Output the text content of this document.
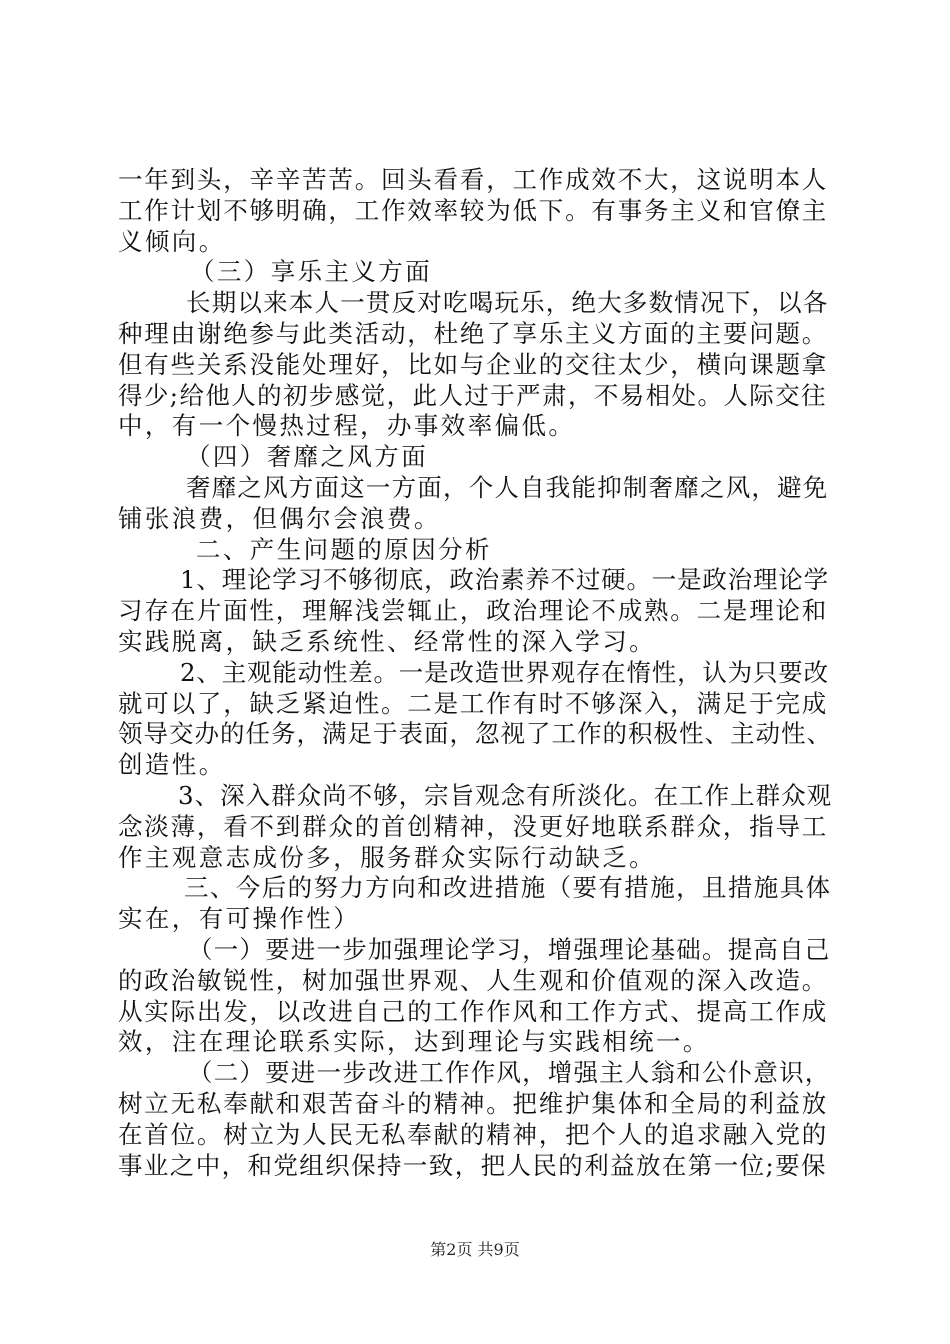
一年到头，辛辛苦苦。回头看看，工作成效不大，这说明本人
工作计划不够明确，工作效率较为低下。有事务主义和官僚主
义倾向。
（三）享乐主义方面
长期以来本人一贯反对吃喝玩乐，绝大多数情况下，以各
种理由谢绝参与此类活动，杜绝了享乐主义方面的主要问题。
但有些关系没能处理好，比如与企业的交往太少，横向课题拿
得少;给他人的初步感觉，此人过于严肃，不易相处。人际交往
中，有一个慢热过程，办事效率偏低。
（四）奢靡之风方面
奢靡之风方面这一方面，个人自我能抑制奢靡之风，避免
铺张浪费，但偶尔会浪费。
二、产生问题的原因分析
1、理论学习不够彻底，政治素养不过硬。一是政治理论学
习存在片面性，理解浅尝辄止，政治理论不成熟。二是理论和
实践脱离，缺乏系统性、经常性的深入学习。
2、主观能动性差。一是改造世界观存在惰性，认为只要改
就可以了，缺乏紧迫性。二是工作有时不够深入，满足于完成
领导交办的任务，满足于表面，忽视了工作的积极性、主动性、
创造性。
3、深入群众尚不够，宗旨观念有所淡化。在工作上群众观
念淡薄，看不到群众的首创精神，没更好地联系群众，指导工
作主观意志成份多，服务群众实际行动缺乏。
三、今后的努力方向和改进措施（要有措施，且措施具体
实在，有可操作性）
（一）要进一步加强理论学习，增强理论基础。提高自己
的政治敏锐性，树加强世界观、人生观和价值观的深入改造。
从实际出发，以改进自己的工作作风和工作方式、提高工作成
效，注在理论联系实际，达到理论与实践相统一。
（二）要进一步改进工作作风，增强主人翁和公仆意识，
树立无私奉献和艰苦奋斗的精神。把维护集体和全局的利益放
在首位。树立为人民无私奉献的精神，把个人的追求融入党的
事业之中，和党组织保持一致，把人民的利益放在第一位;要保
第2页 共9页
